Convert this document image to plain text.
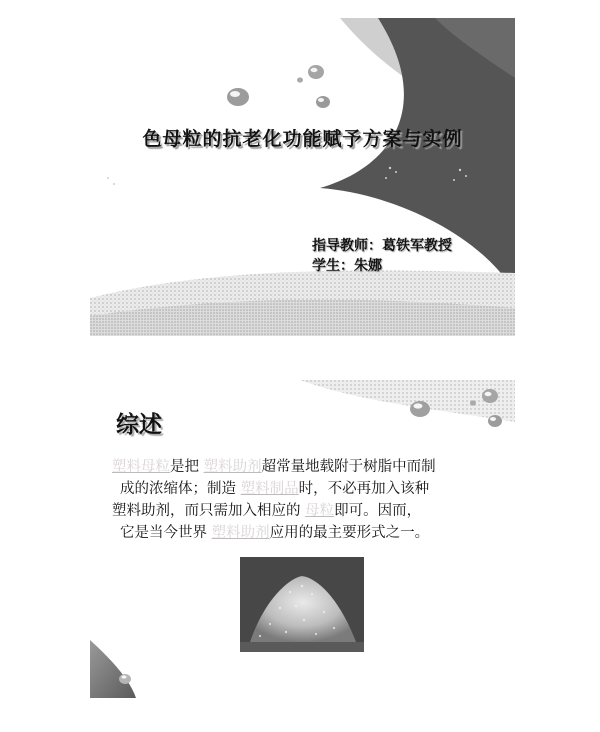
色母粒的抗老化功能赋予方案与实例
指导教师：葛铁军教授
学生：朱娜
综述
塑料母粒是把 塑料助剂超常量地载附于树脂中而制
成的浓缩体；制造 塑料制品时，不必再加入该种
塑料助剂，而只需加入相应的 母粒即可。因而，
它是当今世界 塑料助剂应用的最主要形式之一。
